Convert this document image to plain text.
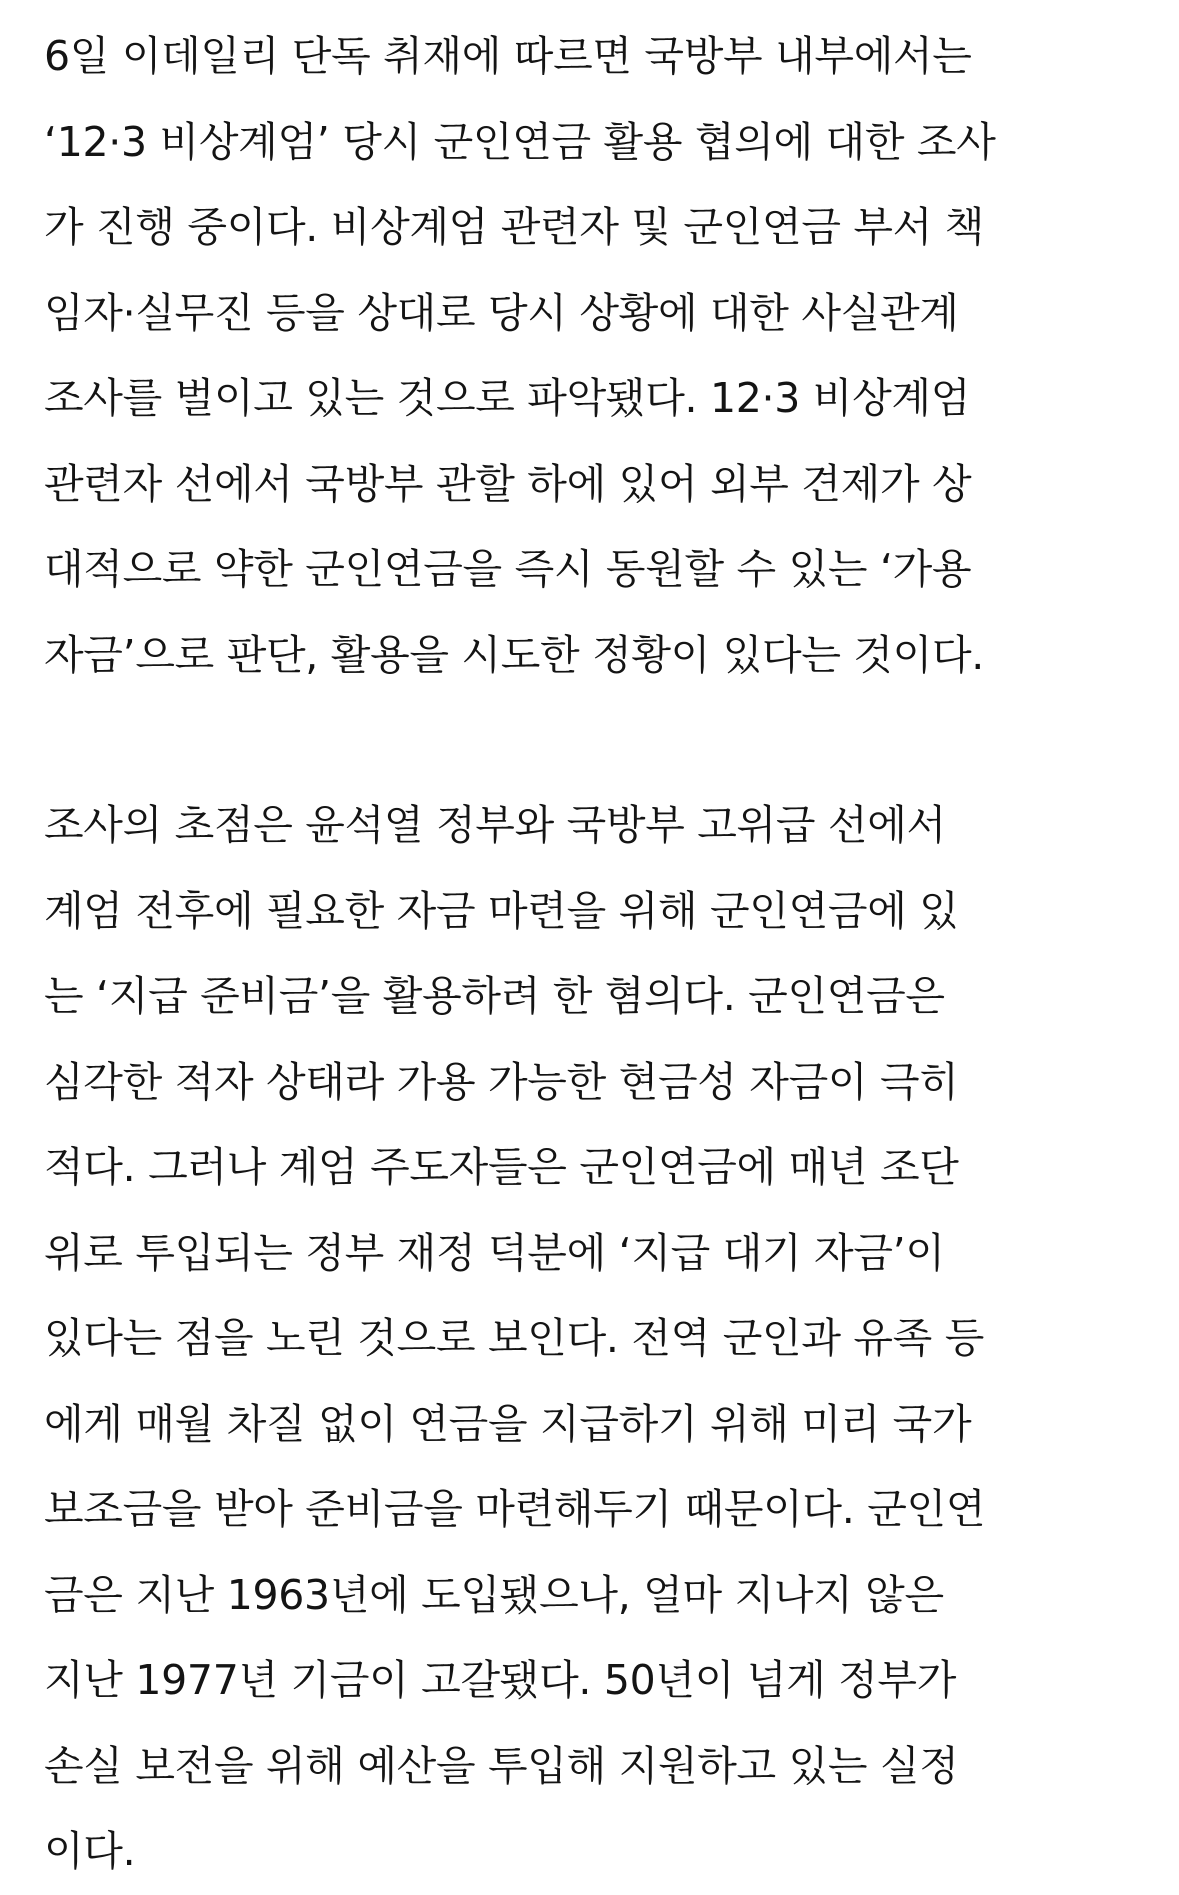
6일 이데일리 단독 취재에 따르면 국방부 내부에서는
‘12·3 비상계엄’ 당시 군인연금 활용 협의에 대한 조사
가 진행 중이다. 비상계엄 관련자 및 군인연금 부서 책
임자·실무진 등을 상대로 당시 상황에 대한 사실관계
조사를 벌이고 있는 것으로 파악됐다. 12·3 비상계엄
관련자 선에서 국방부 관할 하에 있어 외부 견제가 상
대적으로 약한 군인연금을 즉시 동원할 수 있는 ‘가용
자금’으로 판단, 활용을 시도한 정황이 있다는 것이다.

조사의 초점은 윤석열 정부와 국방부 고위급 선에서
계엄 전후에 필요한 자금 마련을 위해 군인연금에 있
는 ‘지급 준비금’을 활용하려 한 혐의다. 군인연금은
심각한 적자 상태라 가용 가능한 현금성 자금이 극히
적다. 그러나 계엄 주도자들은 군인연금에 매년 조단
위로 투입되는 정부 재정 덕분에 ‘지급 대기 자금’이
있다는 점을 노린 것으로 보인다. 전역 군인과 유족 등
에게 매월 차질 없이 연금을 지급하기 위해 미리 국가
보조금을 받아 준비금을 마련해두기 때문이다. 군인연
금은 지난 1963년에 도입됐으나, 얼마 지나지 않은
지난 1977년 기금이 고갈됐다. 50년이 넘게 정부가
손실 보전을 위해 예산을 투입해 지원하고 있는 실정
이다.
